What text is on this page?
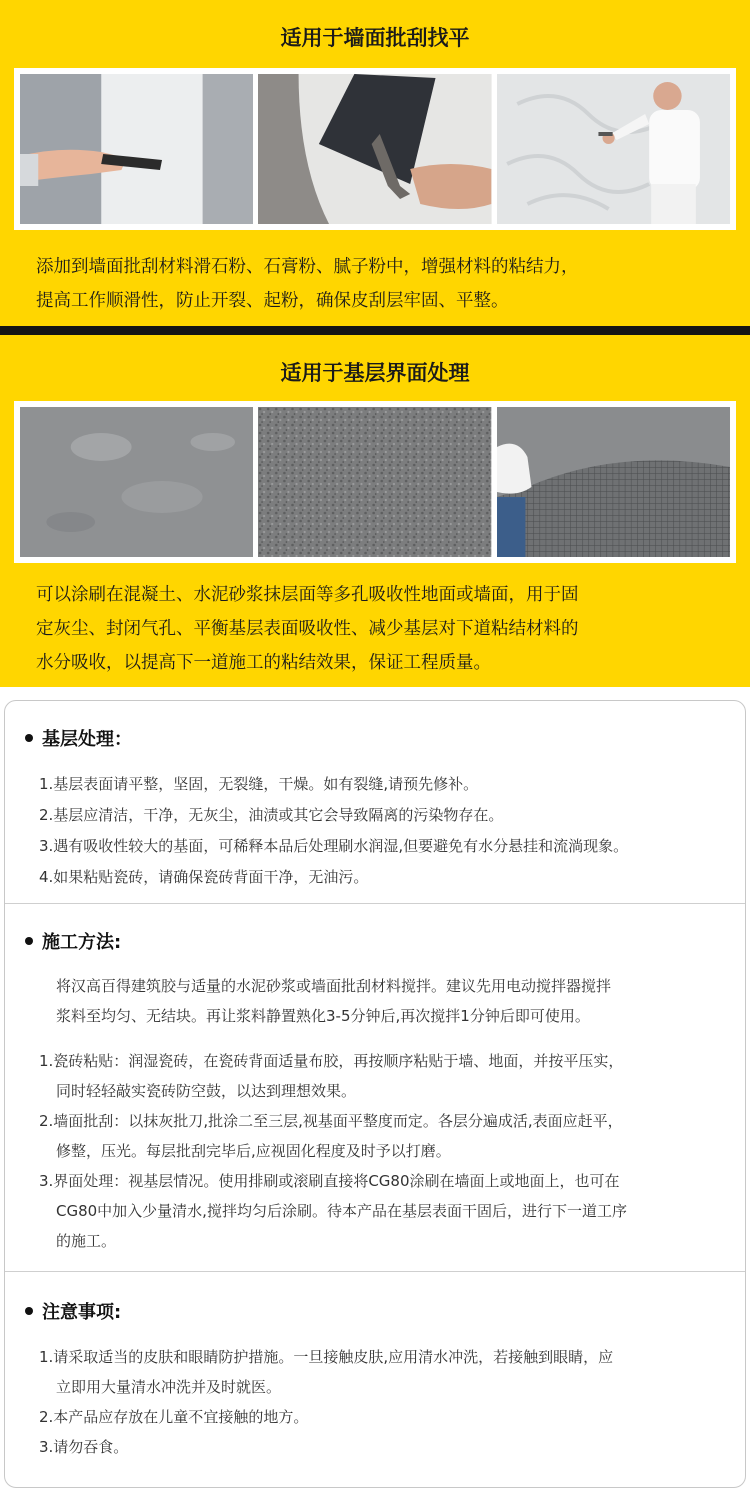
适用于墙面批刮找平
添加到墙面批刮材料滑石粉、石膏粉、腻子粉中，增强材料的粘结力，
提高工作顺滑性，防止开裂、起粉，确保皮刮层牢固、平整。
适用于基层界面处理
可以涂刷在混凝土、水泥砂浆抹层面等多孔吸收性地面或墙面，用于固
定灰尘、封闭气孔、平衡基层表面吸收性、减少基层对下道粘结材料的
水分吸收，以提高下一道施工的粘结效果，保证工程质量。
基层处理：
1.基层表面请平整，坚固，无裂缝，干燥。如有裂缝,请预先修补。
2.基层应清洁，干净，无灰尘，油渍或其它会导致隔离的污染物存在。
3.遇有吸收性较大的基面，可稀释本品后处理刷水润湿,但要避免有水分悬挂和流淌现象。
4.如果粘贴瓷砖，请确保瓷砖背面干净，无油污。
施工方法:
将汉高百得建筑胶与适量的水泥砂浆或墙面批刮材料搅拌。建议先用电动搅拌器搅拌
浆料至均匀、无结块。再让浆料静置熟化3-5分钟后,再次搅拌1分钟后即可使用。
1.瓷砖粘贴：润湿瓷砖，在瓷砖背面适量布胶，再按顺序粘贴于墙、地面，并按平压实，
同时轻轻敲实瓷砖防空鼓，以达到理想效果。
2.墙面批刮：以抹灰批刀,批涂二至三层,视基面平整度而定。各层分遍成活,表面应赶平，
修整，压光。每层批刮完毕后,应视固化程度及时予以打磨。
3.界面处理：视基层情况。使用排刷或滚刷直接将CG80涂刷在墙面上或地面上，也可在
CG80中加入少量清水,搅拌均匀后涂刷。待本产品在基层表面干固后，进行下一道工序
的施工。
注意事项:
1.请采取适当的皮肤和眼睛防护措施。一旦接触皮肤,应用清水冲洗，若接触到眼睛，应
立即用大量清水冲洗并及时就医。
2.本产品应存放在儿童不宜接触的地方。
3.请勿吞食。
